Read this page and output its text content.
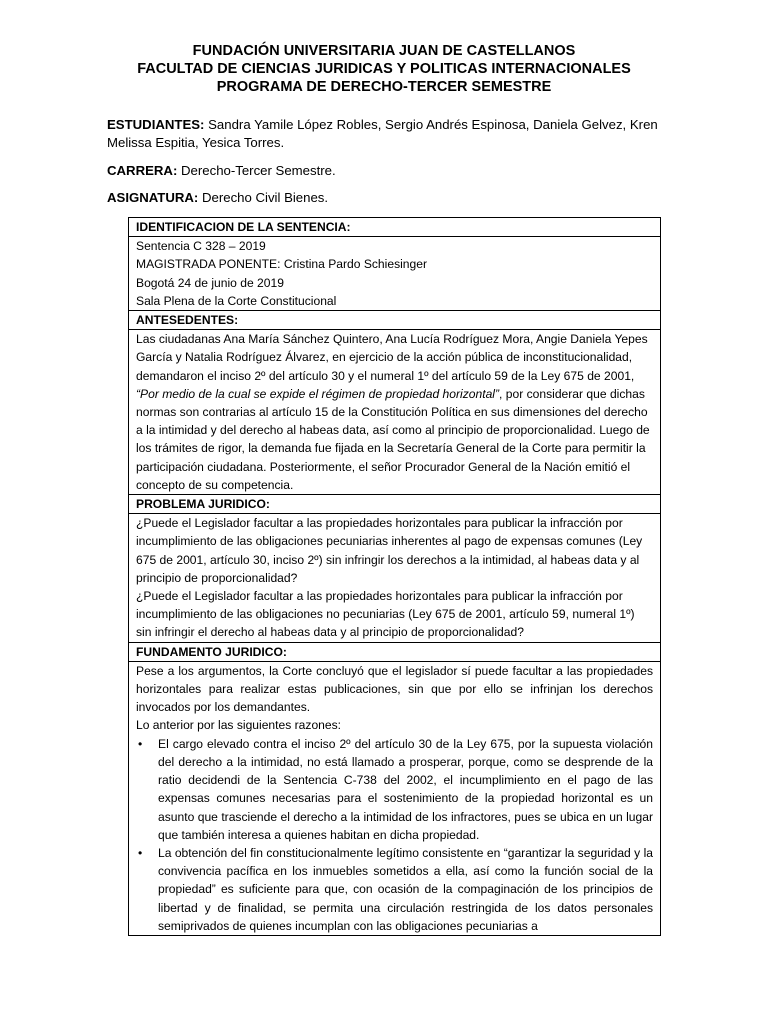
FUNDACIÓN UNIVERSITARIA JUAN DE CASTELLANOS
FACULTAD DE CIENCIAS JURIDICAS Y POLITICAS INTERNACIONALES
PROGRAMA DE DERECHO-TERCER SEMESTRE
ESTUDIANTES: Sandra Yamile López Robles, Sergio Andrés Espinosa, Daniela Gelvez, Kren Melissa Espitia, Yesica Torres.
CARRERA: Derecho-Tercer Semestre.
ASIGNATURA: Derecho Civil Bienes.
IDENTIFICACION DE LA SENTENCIA:

Sentencia C 328 – 2019
MAGISTRADA PONENTE: Cristina Pardo Schiesinger
Bogotá 24 de junio de 2019
Sala Plena de la Corte Constitucional

ANTESEDENTES:
Las ciudadanas Ana María Sánchez Quintero, Ana Lucía Rodríguez Mora, Angie Daniela Yepes García y Natalia Rodríguez Álvarez, en ejercicio de la acción pública de inconstitucionalidad, demandaron el inciso 2º del artículo 30 y el numeral 1º del artículo 59 de la Ley 675 de 2001, “Por medio de la cual se expide el régimen de propiedad horizontal”, por considerar que dichas normas son contrarias al artículo 15 de la Constitución Política en sus dimensiones del derecho a la intimidad y del derecho al habeas data, así como al principio de proporcionalidad. Luego de los trámites de rigor, la demanda fue fijada en la Secretaría General de la Corte para permitir la participación ciudadana. Posteriormente, el señor Procurador General de la Nación emitió el concepto de su competencia.
PROBLEMA JURIDICO:

¿Puede el Legislador facultar a las propiedades horizontales para publicar la infracción por incumplimiento de las obligaciones pecuniarias inherentes al pago de expensas comunes (Ley 675 de 2001, artículo 30, inciso 2º) sin infringir los derechos a la intimidad, al habeas data y al principio de proporcionalidad?
¿Puede el Legislador facultar a las propiedades horizontales para publicar la infracción por incumplimiento de las obligaciones no pecuniarias (Ley 675 de 2001, artículo 59, numeral 1º) sin infringir el derecho al habeas data y al principio de proporcionalidad?

FUNDAMENTO JURIDICO:

Pese a los argumentos, la Corte concluyó que el legislador sí puede facultar a las propiedades horizontales para realizar estas publicaciones, sin que por ello se infrinjan los derechos invocados por los demandantes.
Lo anterior por las siguientes razones:
• El cargo elevado contra el inciso 2º del artículo 30 de la Ley 675, por la supuesta violación del derecho a la intimidad, no está llamado a prosperar, porque, como se desprende de la ratio decidendi de la Sentencia C-738 del 2002, el incumplimiento en el pago de las expensas comunes necesarias para el sostenimiento de la propiedad horizontal es un asunto que trasciende el derecho a la intimidad de los infractores, pues se ubica en un lugar que también interesa a quienes habitan en dicha propiedad.
• La obtención del fin constitucionalmente legítimo consistente en “garantizar la seguridad y la convivencia pacífica en los inmuebles sometidos a ella, así como la función social de la propiedad” es suficiente para que, con ocasión de la compaginación de los principios de libertad y de finalidad, se permita una circulación restringida de los datos personales semiprivados de quienes incumplan con las obligaciones pecuniarias a
